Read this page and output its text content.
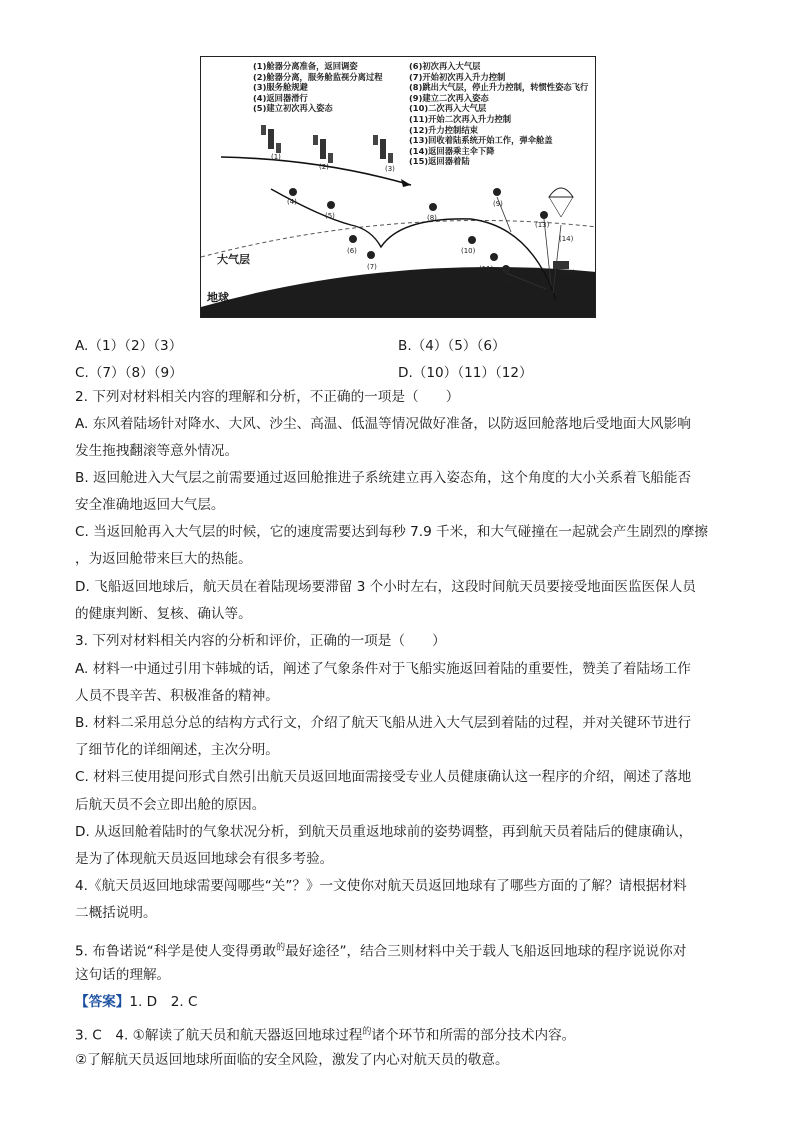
(1)舱器分离准备，返回调姿
(2)舱器分离，服务舱监视分离过程
(3)服务舱规避
(4)返回器滑行
(5)建立初次再入姿态
(6)初次再入大气层
(7)开始初次再入升力控制
(8)跳出大气层，停止升力控制，转惯性姿态飞行
(9)建立二次再入姿态
(10)二次再入大气层
(11)开始二次再入升力控制
(12)升力控制结束
(13)回收着陆系统开始工作，弹伞舱盖
(14)返回器乘主伞下降
(15)返回器着陆
(1)
(2)	(3)
(4)
(5)
(6)
(7)
(8)
(9)
(10)
(11)
(12)
(13)
(14)
(15)
大气层
地球
A.（1）（2）（3）	B.（4）（5）（6）
C.（7）（8）（9）	D.（10）（11）（12）
2. 下列对材料相关内容的理解和分析，不正确的一项是（　　）
A. 东风着陆场针对降水、大风、沙尘、高温、低温等情况做好准备，以防返回舱落地后受地面大风影响
发生拖拽翻滚等意外情况。
B. 返回舱进入大气层之前需要通过返回舱推进子系统建立再入姿态角，这个角度的大小关系着飞船能否
安全准确地返回大气层。
C. 当返回舱再入大气层的时候，它的速度需要达到每秒 7.9 千米，和大气碰撞在一起就会产生剧烈的摩擦
，为返回舱带来巨大的热能。
D. 飞船返回地球后，航天员在着陆现场要滞留 3 个小时左右，这段时间航天员要接受地面医监医保人员
的健康判断、复核、确认等。
3. 下列对材料相关内容的分析和评价，正确的一项是（　　）
A. 材料一中通过引用卞韩城的话，阐述了气象条件对于飞船实施返回着陆的重要性，赞美了着陆场工作
人员不畏辛苦、积极准备的精神。
B. 材料二采用总分总的结构方式行文，介绍了航天飞船从进入大气层到着陆的过程，并对关键环节进行
了细节化的详细阐述，主次分明。
C. 材料三使用提问形式自然引出航天员返回地面需接受专业人员健康确认这一程序的介绍，阐述了落地
后航天员不会立即出舱的原因。
D. 从返回舱着陆时的气象状况分析，到航天员重返地球前的姿势调整，再到航天员着陆后的健康确认，
是为了体现航天员返回地球会有很多考验。
4.《航天员返回地球需要闯哪些“关”？》一文使你对航天员返回地球有了哪些方面的了解？请根据材料
二概括说明。
5. 布鲁诺说“科学是使人变得勇敢$^的$最好途径”，结合三则材料中关于载人飞船返回地球的程序说说你对
这句话的理解。
【答案】1. D　2. C
3. C　4. ①解读了航天员和航天器返回地球过程$^的$诸个环节和所需的部分技术内容。
②了解航天员返回地球所面临的安全风险，激发了内心对航天员的敬意。
